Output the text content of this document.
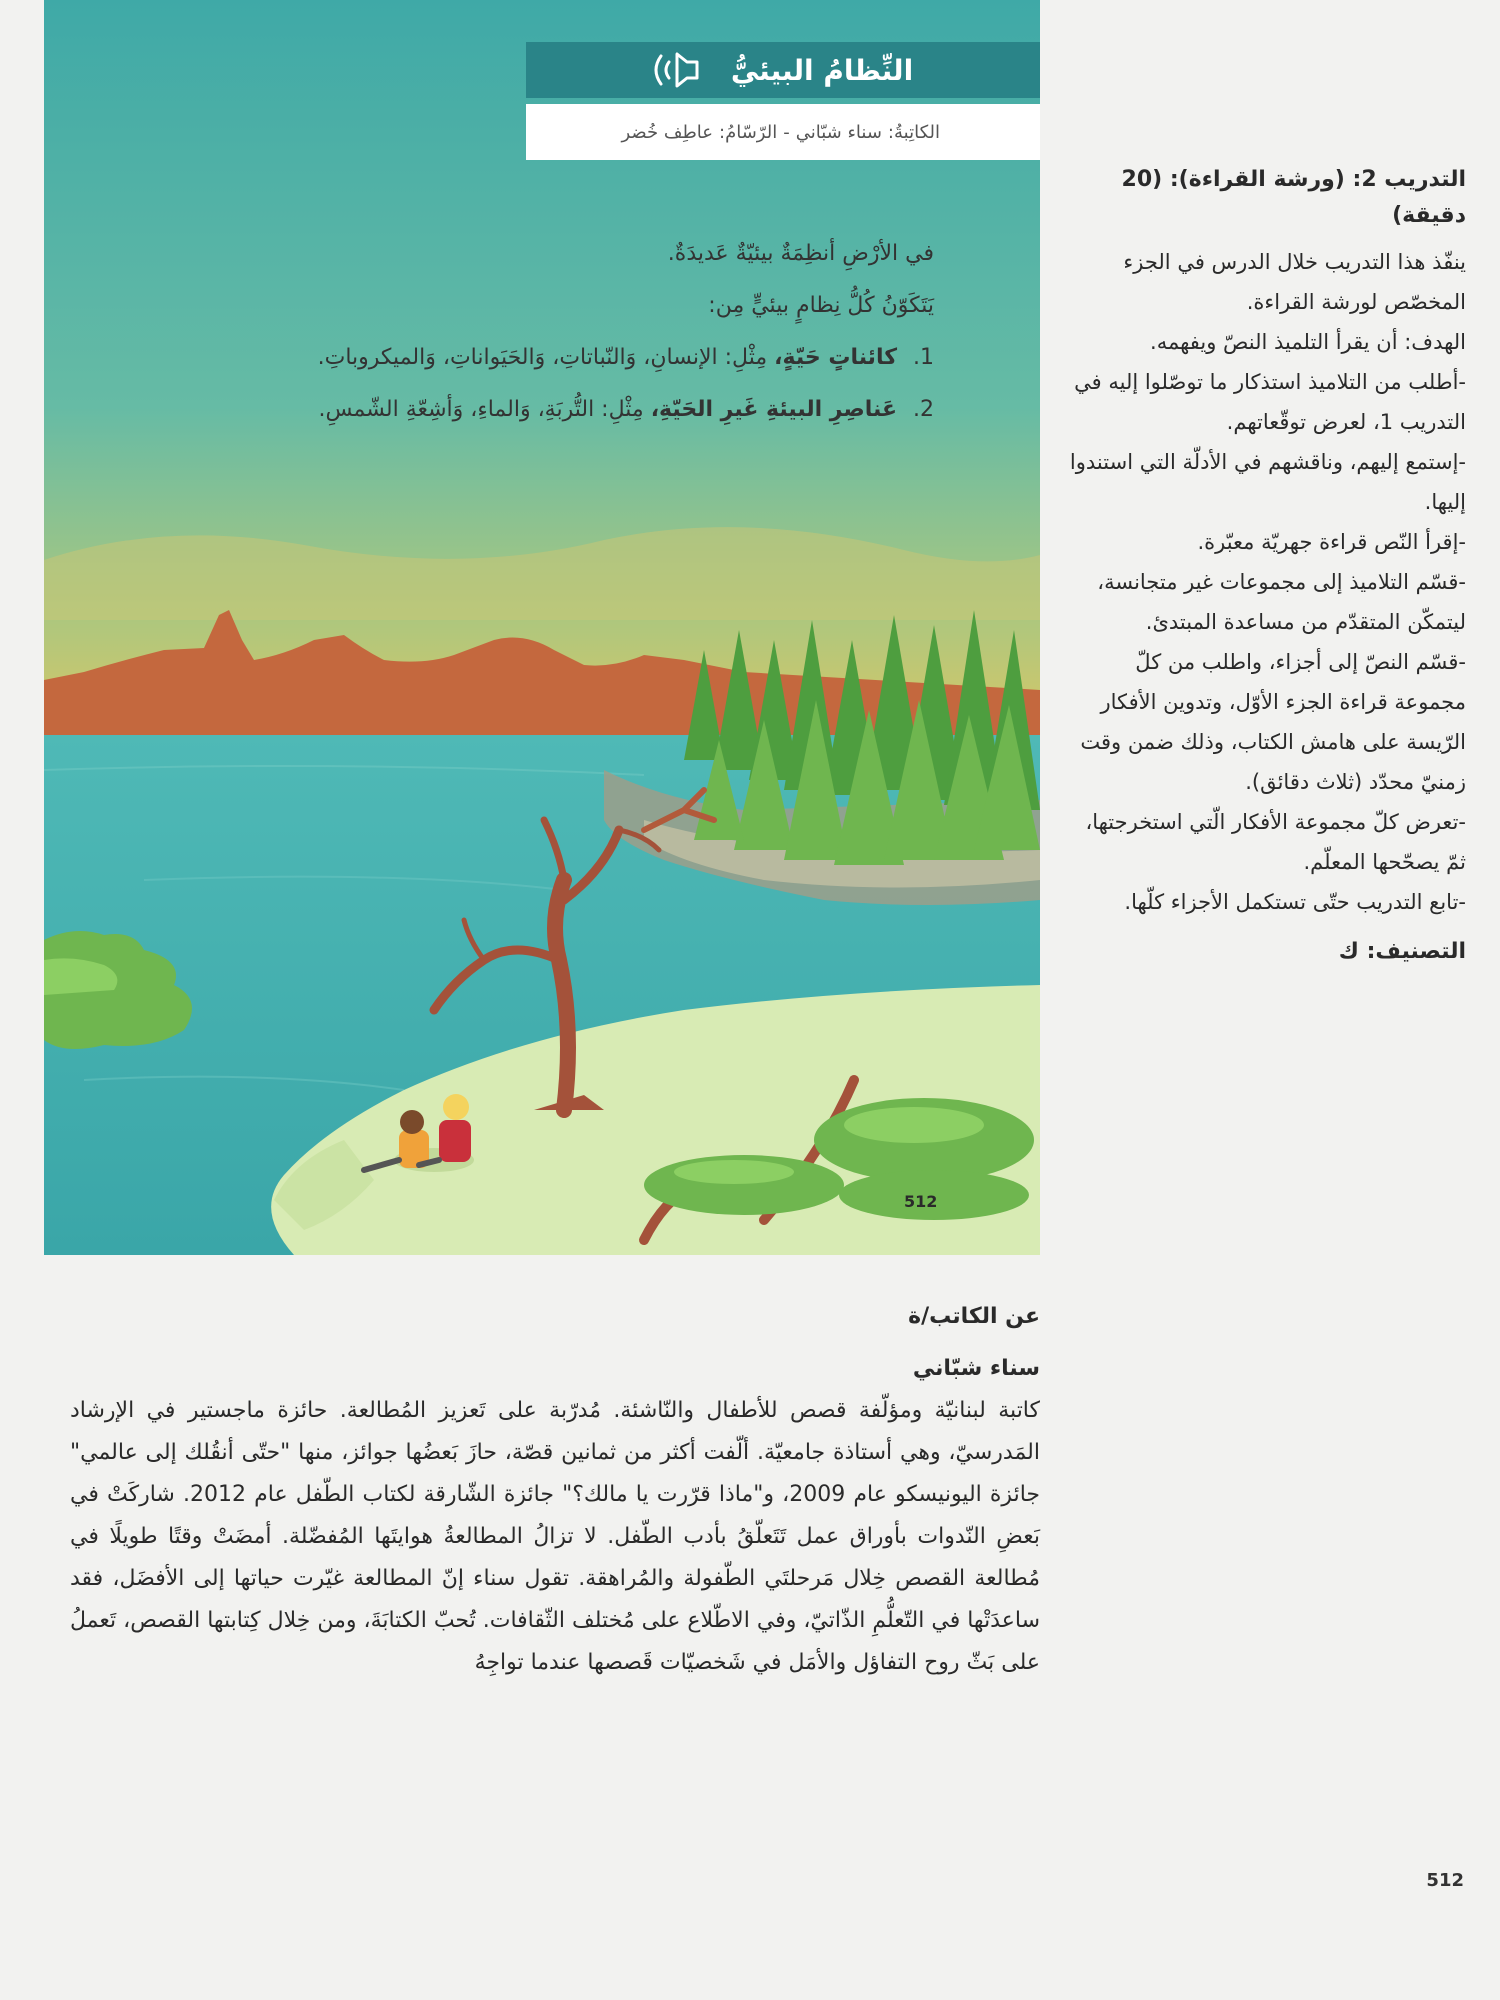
النِّظامُ البيئيُّ
الكاتِبةُ:
سناء شبّاني
-
الرّسّامُ:
عاطِف خُضر

في الأرْضِ أنظِمَةٌ بيئيّةٌ عَديدَةٌ.

يَتَكَوّنُ كُلُّ نِظامٍ بيئيٍّ مِن:

1. كائناتٍ حَيّةٍ، مِثْلِ: الإنسانِ، وَالنّباتاتِ، وَالحَيَواناتِ، وَالميكروباتِ.

2. عَناصِرِ البيئةِ غَيرِ الحَيّةِ، مِثْلِ: التُّربَةِ، وَالماءِ، وَأشِعّةِ الشّمسِ.

512
التدريب 2: (ورشة القراءة): (20 دقيقة)

ينفّذ هذا التدريب خلال الدرس في الجزء المخصّص لورشة القراءة.

الهدف: أن يقرأ التلميذ النصّ ويفهمه.

-أطلب من التلاميذ استذكار ما توصّلوا إليه في التدريب 1، لعرض توقّعاتهم.

-إستمع إليهم، وناقشهم في الأدلّة التي استندوا إليها.

-إقرأ النّص قراءة جهريّة معبّرة.

-قسّم التلاميذ إلى مجموعات غير متجانسة، ليتمكّن المتقدّم من مساعدة المبتدئ.

-قسّم النصّ إلى أجزاء، واطلب من كلّ مجموعة قراءة الجزء الأوّل، وتدوين الأفكار الرّيسة على هامش الكتاب، وذلك ضمن وقت زمنيّ محدّد (ثلاث دقائق).

-تعرض كلّ مجموعة الأفكار الّتي استخرجتها، ثمّ يصحّحها المعلّم.

-تابع التدريب حتّى تستكمل الأجزاء كلّها.

التصنيف: ك
عن الكاتب/ة
سناء شبّاني

كاتبة لبنانيّة ومؤلّفة قصص للأطفال والنّاشئة. مُدرّبة على تَعزيز المُطالعة. حائزة ماجستير في الإرشاد المَدرسيّ، وهي أستاذة جامعيّة. ألّفت أكثر من ثمانين قصّة، حازَ بَعضُها جوائز، منها "حتّى أنقُلك إلى عالمي" جائزة اليونيسكو عام 2009، و"ماذا قرّرت يا مالك؟" جائزة الشّارقة لكتاب الطّفل عام 2012. شاركَتْ في بَعضِ النّدوات بأوراق عمل تَتَعلّقُ بأدب الطّفل. لا تزالُ المطالعةُ هوايتَها المُفضّلة. أمضَتْ وقتًا طويلًا في مُطالعة القصص خِلال مَرحلتَي الطّفولة والمُراهقة. تقول سناء إنّ المطالعة غيّرت حياتها إلى الأفضَل، فقد ساعدَتْها في التّعلُّمِ الذّاتيّ، وفي الاطّلاع على مُختلف الثّقافات. تُحبّ الكتابَةَ، ومن خِلال كِتابتها القصص، تَعملُ على بَثّ روح التفاؤل والأمَل في شَخصيّات قَصصها عندما تواجِهُ

512
